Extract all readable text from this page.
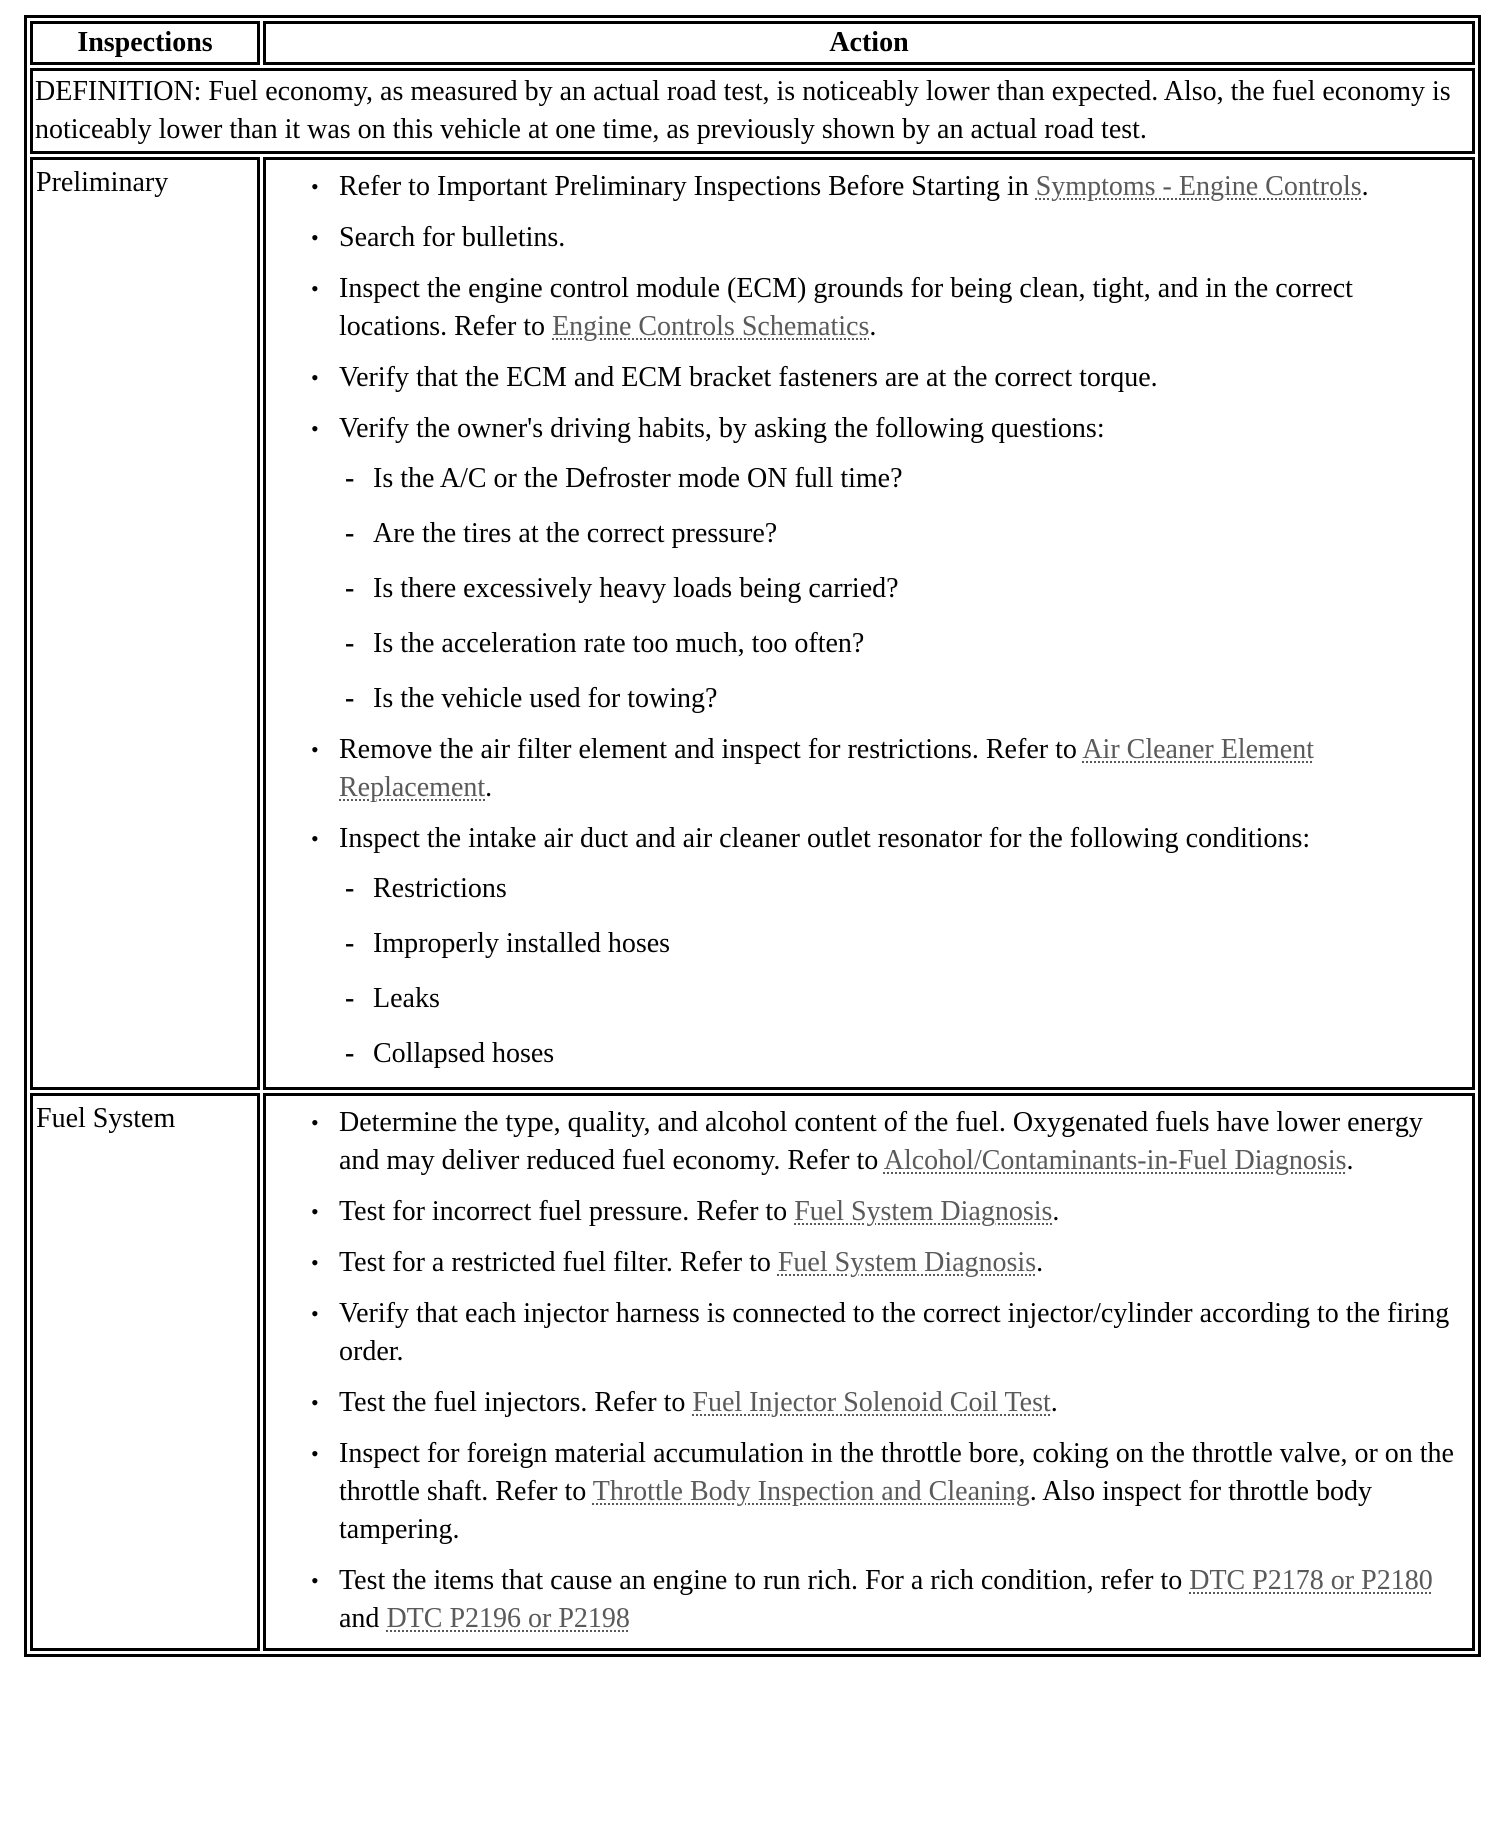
Inspections	Action
DEFINITION: Fuel economy, as measured by an actual road test, is noticeably lower than expected. Also, the fuel economy is noticeably lower than it was on this vehicle at one time, as previously shown by an actual road test.	
Preliminary	
•Refer to Important Preliminary Inspections Before Starting in Symptoms - Engine Controls.
• Search for bulletins.
• Inspect the engine control module (ECM) grounds for being clean, tight, and in the correct locations. Refer to Engine Controls Schematics.
• Verify that the ECM and ECM bracket fasteners are at the correct torque.
• Verify the owner's driving habits, by asking the following questions:
- Is the A/C or the Defroster mode ON full time?
- Are the tires at the correct pressure?
- Is there excessively heavy loads being carried?
- Is the acceleration rate too much, too often?
- Is the vehicle used for towing?
• Remove the air filter element and inspect for restrictions. Refer to Air Cleaner Element Replacement.
• Inspect the intake air duct and air cleaner outlet resonator for the following conditions:
- Restrictions
- Improperly installed hoses
- Leaks
- Collapsed hoses

Fuel System	
•Determine the type, quality, and alcohol content of the fuel. Oxygenated fuels have lower energy and may deliver reduced fuel economy. Refer to Alcohol/Contaminants-in-Fuel Diagnosis.
• Test for incorrect fuel pressure. Refer to Fuel System Diagnosis.
• Test for a restricted fuel filter. Refer to Fuel System Diagnosis.
• Verify that each injector harness is connected to the correct injector/cylinder according to the firing order.
• Test the fuel injectors. Refer to Fuel Injector Solenoid Coil Test.
• Inspect for foreign material accumulation in the throttle bore, coking on the throttle valve, or on the throttle shaft. Refer to Throttle Body Inspection and Cleaning. Also inspect for throttle body tampering.
• Test the items that cause an engine to run rich. For a rich condition, refer to DTC P2178 or P2180 and DTC P2196 or P2198
